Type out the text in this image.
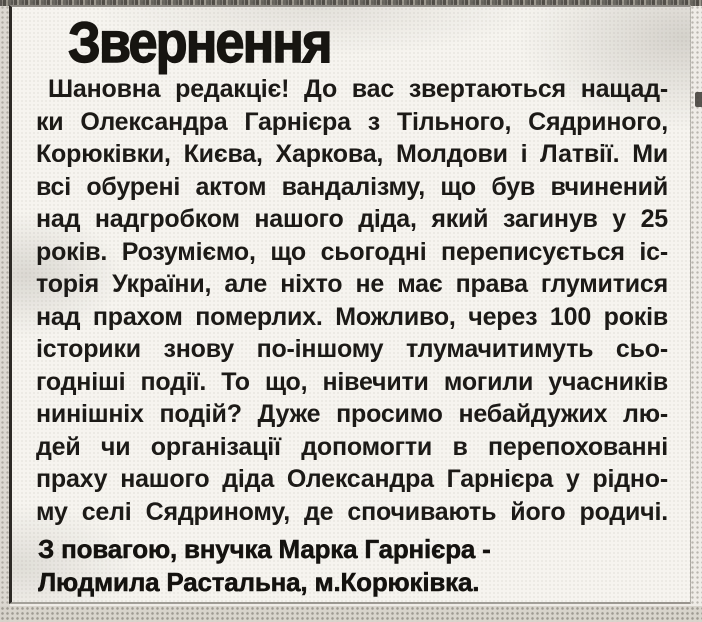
Звернення
Шановна редакціє! До вас звертаються нащад-
ки Олександра Гарнієра з Тільного, Сядриного,
Корюківки, Києва, Харкова, Молдови і Латвії. Ми
всі обурені актом вандалізму, що був вчинений
над надгробком нашого діда, який загинув у 25
років. Розуміємо, що сьогодні переписується іс-
торія України, але ніхто не має права глумитися
над прахом померлих. Можливо, через 100 років
історики знову по-іншому тлумачитимуть сьо-
годніші події. То що, нівечити могили учасників
нинішніх подій? Дуже просимо небайдужих лю-
дей чи організації допомогти в перепохованні
праху нашого діда Олександра Гарнієра у рідно-
му селі Сядриному, де спочивають його родичі.
З повагою, внучка Марка Гарнієра -
Людмила Растальна, м.Корюківка.
